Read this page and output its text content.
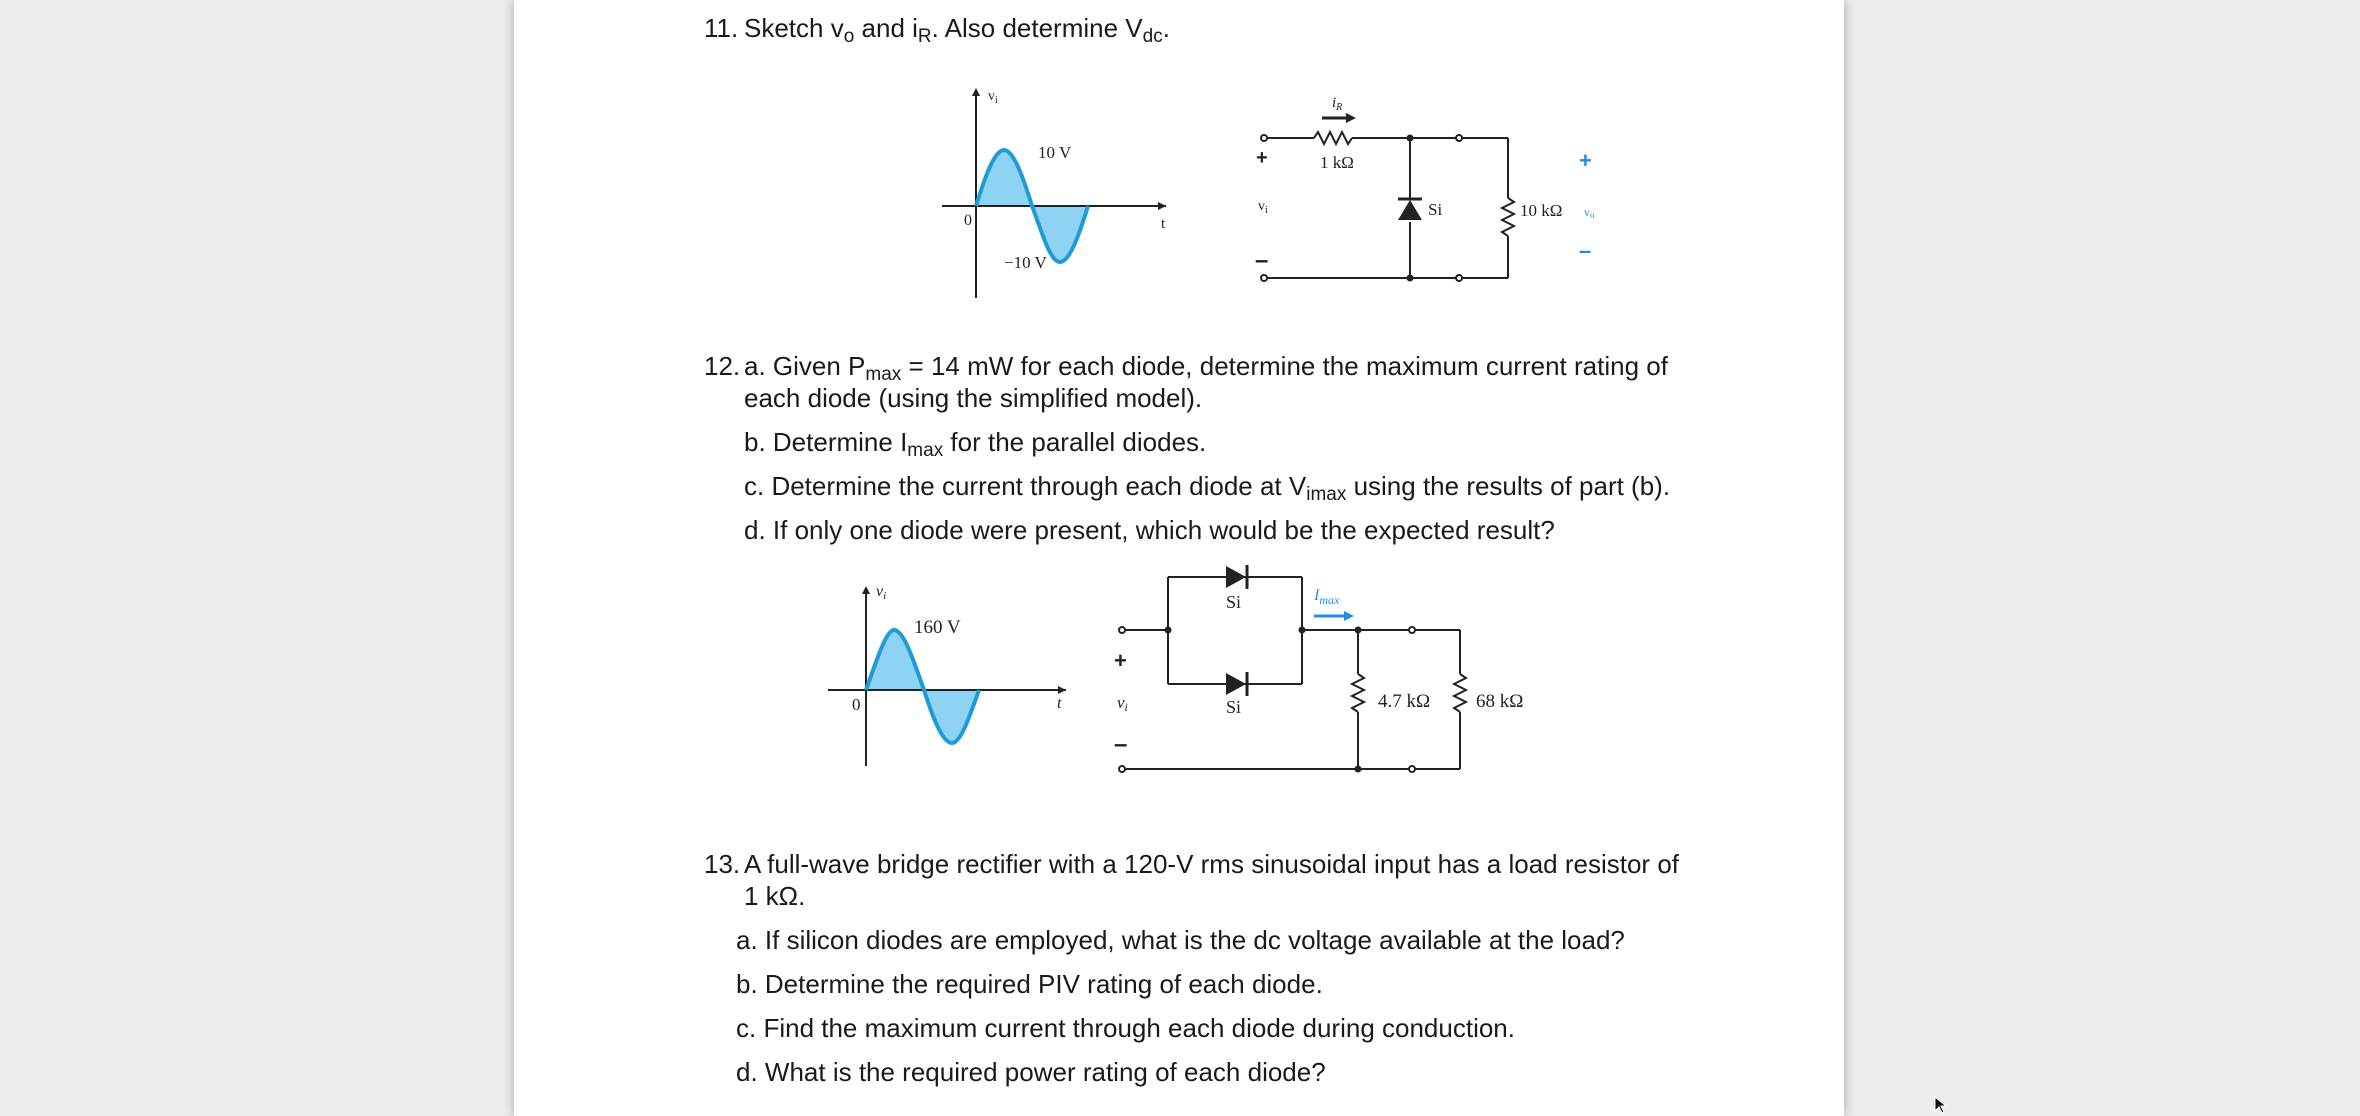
11. Sketch $v_o$ and $i_R$. Also determine $V_{dc}$.
$v_i$
10 V
−10 V
0	t
$i_R$
1 kΩ
+
$v_i$
–
Si	10 kΩ vo
+
–
12. a. Given $P_{max} = 14$ mW for each diode, determine the maximum current rating of
each diode (using the simplified model).
b. Determine $I_{max}$ for the parallel diodes.
c. Determine the current through each diode at $V_{imax}$ using the results of part (b).
d. If only one diode were present, which would be the expected result?
vi
160 V
0	t
Si
Si
$I_{max}$
+
vi
–
4.7 kΩ 68 kΩ
13. A full-wave bridge rectifier with a 120-V rms sinusoidal input has a load resistor of
1 kΩ.
a. If silicon diodes are employed, what is the dc voltage available at the load?
b. Determine the required PIV rating of each diode.
c. Find the maximum current through each diode during conduction.
d. What is the required power rating of each diode?
